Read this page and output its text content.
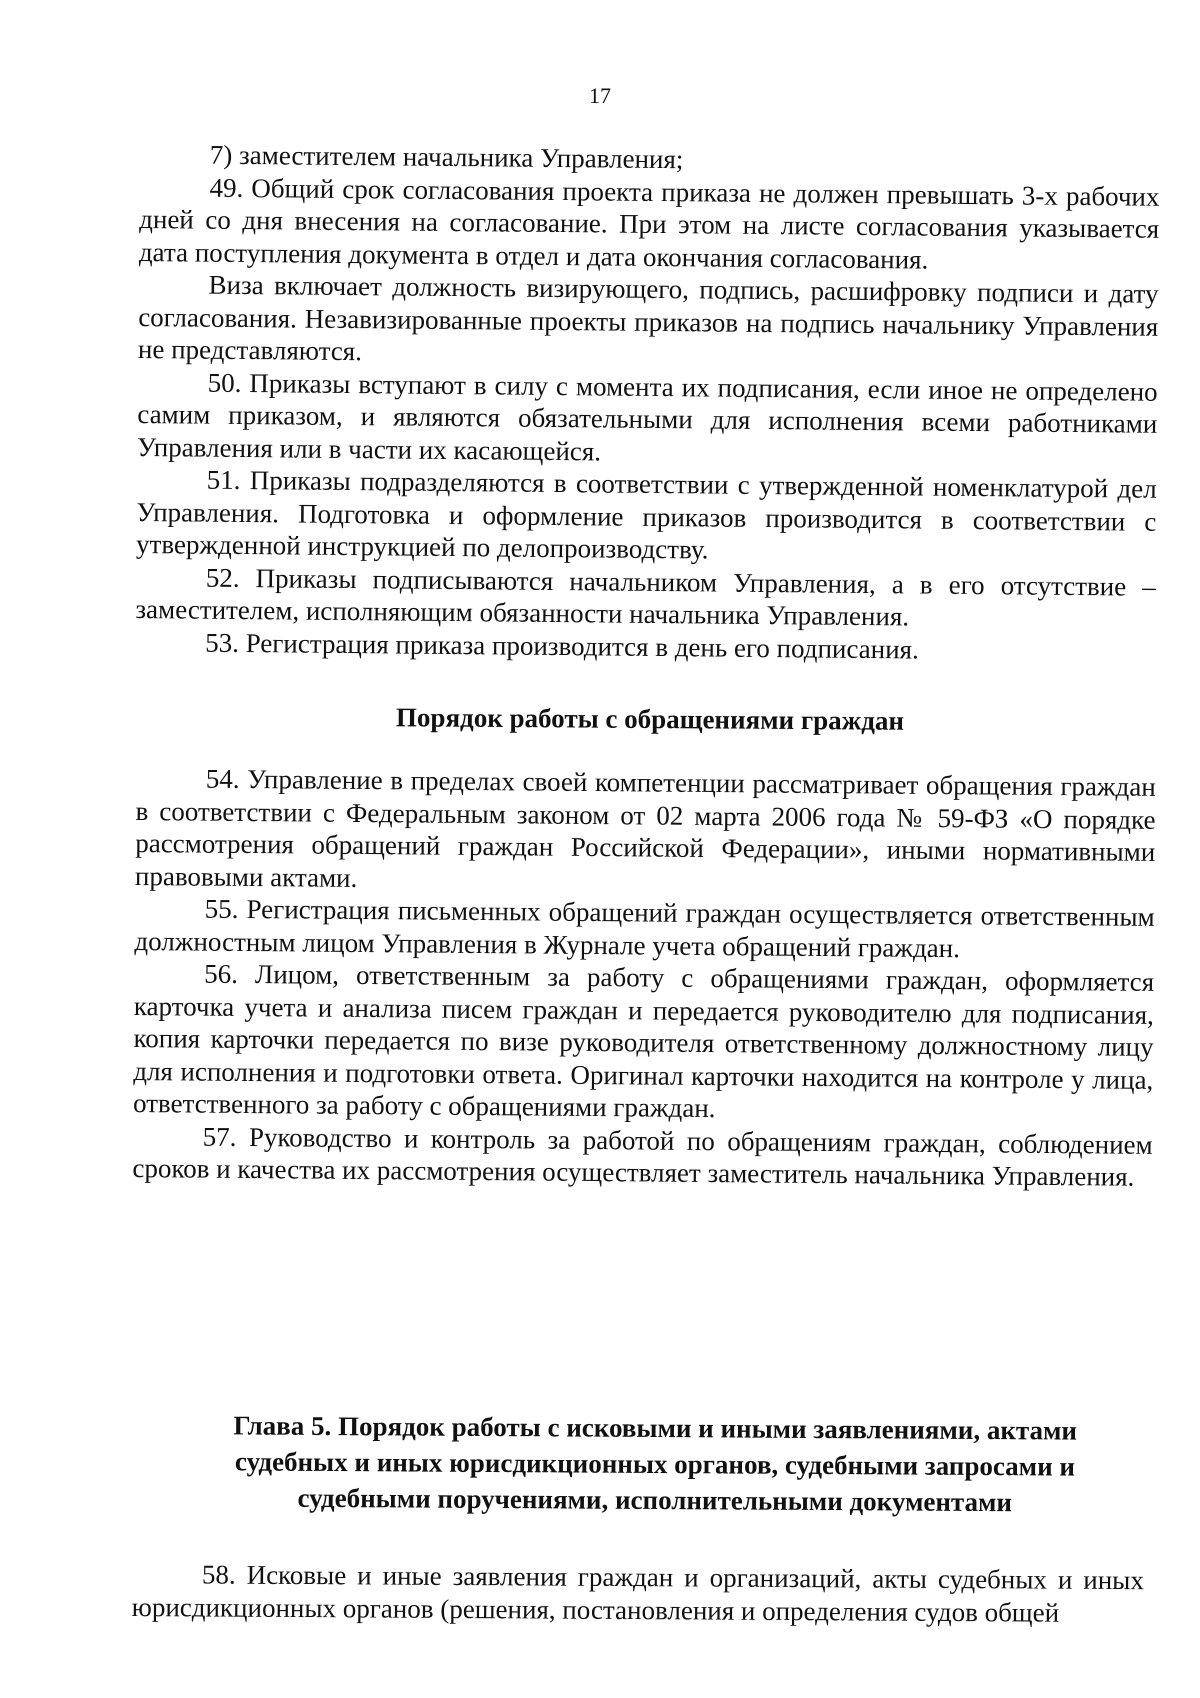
17

7) заместителем начальника Управления;

49. Общий срок согласования проекта приказа не должен превышать 3-х рабочих дней со дня внесения на согласование. При этом на листе согласования указывается дата поступления документа в отдел и дата окончания согласования.

Виза включает должность визирующего, подпись, расшифровку подписи и дату согласования. Незавизированные проекты приказов на подпись начальнику Управления не представляются.

50. Приказы вступают в силу с момента их подписания, если иное не определено самим приказом, и являются обязательными для исполнения всеми работниками Управления или в части их касающейся.

51. Приказы подразделяются в соответствии с утвержденной номенклатурой дел Управления. Подготовка и оформление приказов производится в соответствии с утвержденной инструкцией по делопроизводству.

52. Приказы подписываются начальником Управления, а в его отсутствие – заместителем, исполняющим обязанности начальника Управления.

53. Регистрация приказа производится в день его подписания.

Порядок работы с обращениями граждан

54. Управление в пределах своей компетенции рассматривает обращения граждан в соответствии с Федеральным законом от 02 марта 2006 года № 59-ФЗ «О порядке рассмотрения обращений граждан Российской Федерации», иными нормативными правовыми актами.

55. Регистрация письменных обращений граждан осуществляется ответственным должностным лицом Управления в Журнале учета обращений граждан.

56. Лицом, ответственным за работу с обращениями граждан, оформляется карточка учета и анализа писем граждан и передается руководителю для подписания, копия карточки передается по визе руководителя ответственному должностному лицу для исполнения и подготовки ответа. Оригинал карточки находится на контроле у лица, ответственного за работу с обращениями граждан.

57. Руководство и контроль за работой по обращениям граждан, соблюдением сроков и качества их рассмотрения осуществляет заместитель начальника Управления.

Глава 5. Порядок работы с исковыми и иными заявлениями, актами
судебных и иных юрисдикционных органов, судебными запросами и
судебными поручениями, исполнительными документами

58. Исковые и иные заявления граждан и организаций, акты судебных и иных юрисдикционных органов (решения, постановления и определения судов общей
